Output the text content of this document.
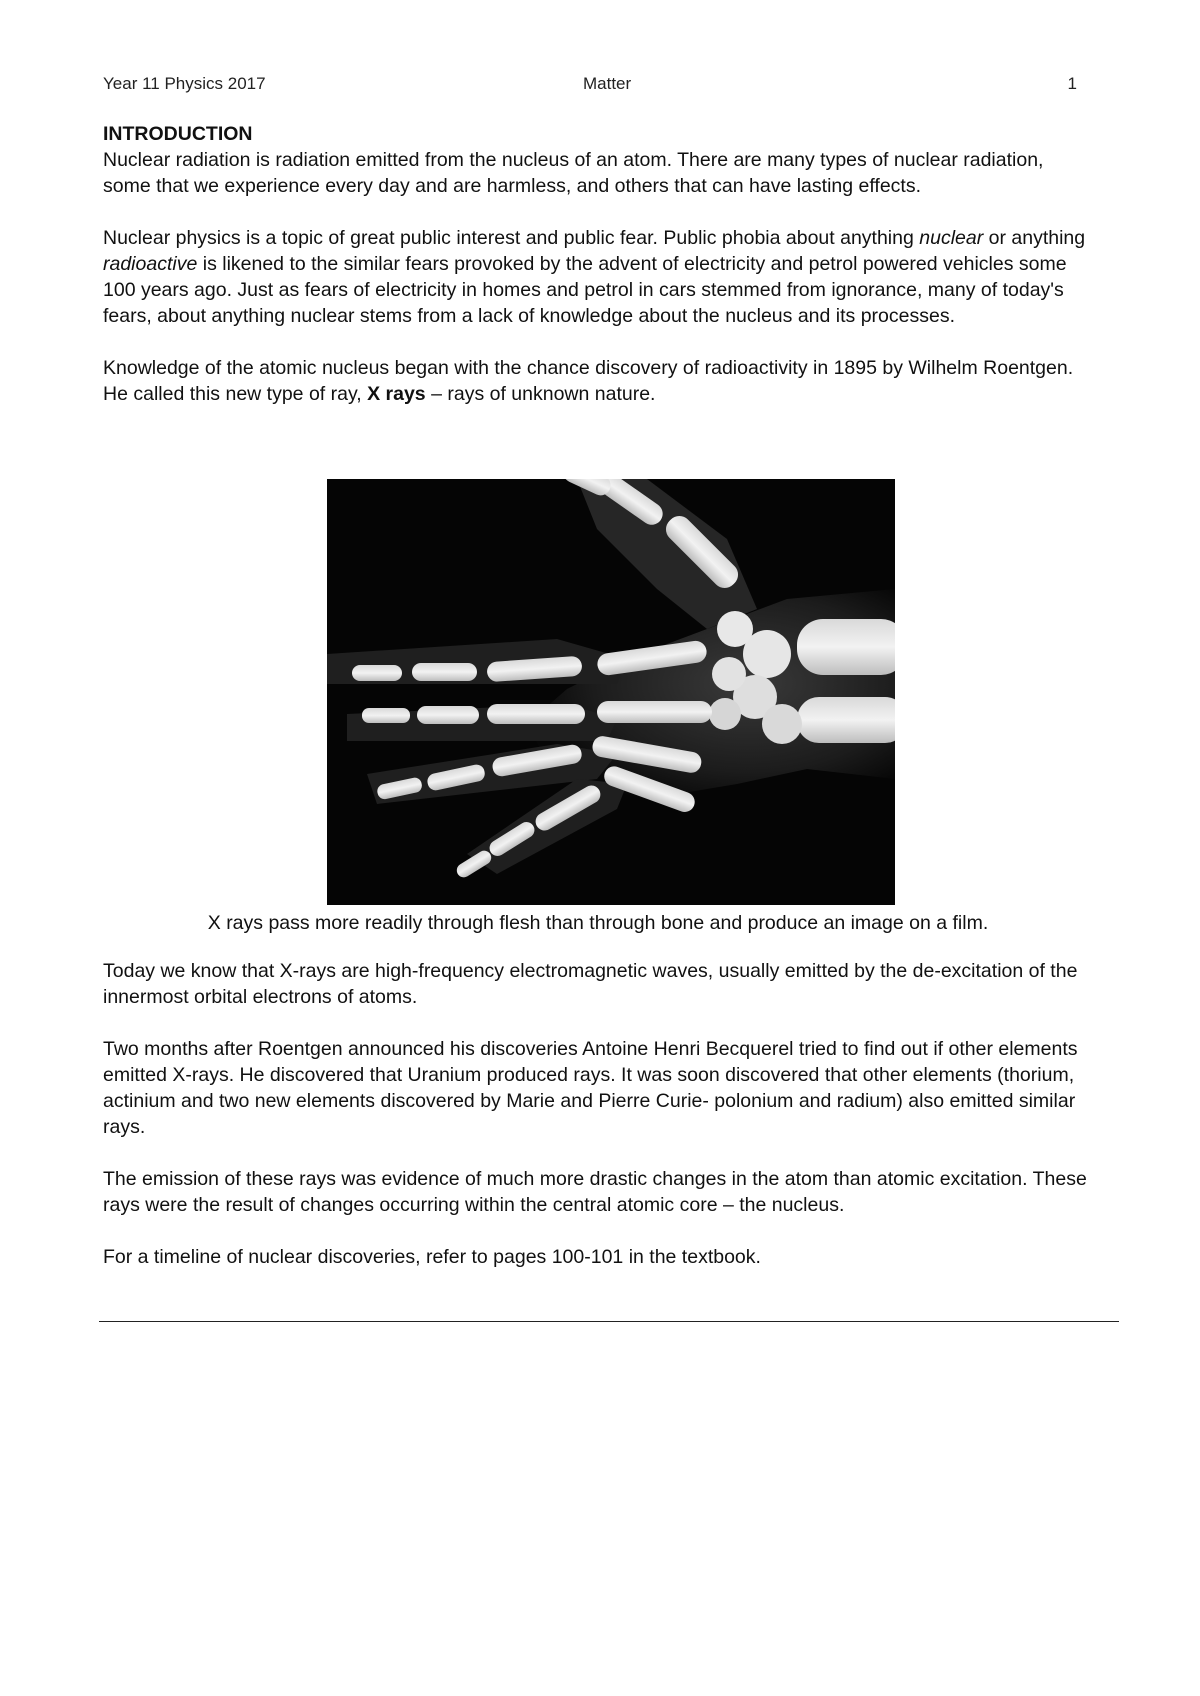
Year 11 Physics 2017	Matter	1
INTRODUCTION

Nuclear radiation is radiation emitted from the nucleus of an atom. There are many types of nuclear radiation, some that we experience every day and are harmless, and others that can have lasting effects.

Nuclear physics is a topic of great public interest and public fear. Public phobia about anything nuclear or anything radioactive is likened to the similar fears provoked by the advent of electricity and petrol powered vehicles some 100 years ago. Just as fears of electricity in homes and petrol in cars stemmed from ignorance, many of today's fears, about anything nuclear stems from a lack of knowledge about the nucleus and its processes.

Knowledge of the atomic nucleus began with the chance discovery of radioactivity in 1895 by Wilhelm Roentgen. He called this new type of ray, X rays – rays of unknown nature.

X rays pass more readily through flesh than through bone and produce an image on a film.

Today we know that X-rays are high-frequency electromagnetic waves, usually emitted by the de-excitation of the innermost orbital electrons of atoms.

Two months after Roentgen announced his discoveries Antoine Henri Becquerel tried to find out if other elements emitted X-rays. He discovered that Uranium produced rays. It was soon discovered that other elements (thorium, actinium and two new elements discovered by Marie and Pierre Curie- polonium and radium) also emitted similar rays.

The emission of these rays was evidence of much more drastic changes in the atom than atomic excitation. These rays were the result of changes occurring within the central atomic core – the nucleus.

For a timeline of nuclear discoveries, refer to pages 100-101 in the textbook.
